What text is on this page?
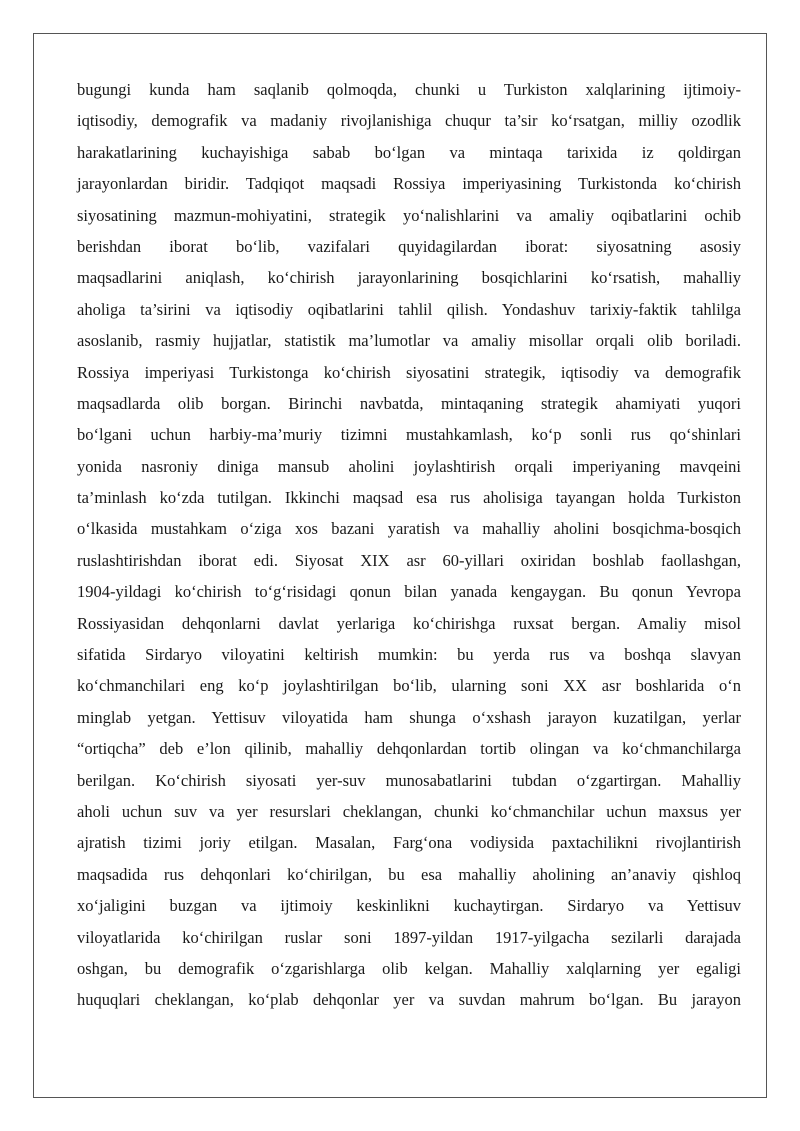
bugungi kunda ham saqlanib qolmoqda, chunki u Turkiston xalqlarining ijtimoiy-
iqtisodiy, demografik va madaniy rivojlanishiga chuqur ta’sir ko‘rsatgan, milliy ozodlik
harakatlarining kuchayishiga sabab bo‘lgan va mintaqa tarixida iz qoldirgan
jarayonlardan biridir. Tadqiqot maqsadi Rossiya imperiyasining Turkistonda ko‘chirish
siyosatining mazmun-mohiyatini, strategik yo‘nalishlarini va amaliy oqibatlarini ochib
berishdan iborat bo‘lib, vazifalari quyidagilardan iborat: siyosatning asosiy
maqsadlarini aniqlash, ko‘chirish jarayonlarining bosqichlarini ko‘rsatish, mahalliy
aholiga ta’sirini va iqtisodiy oqibatlarini tahlil qilish. Yondashuv tarixiy-faktik tahlilga
asoslanib, rasmiy hujjatlar, statistik ma’lumotlar va amaliy misollar orqali olib boriladi.
Rossiya imperiyasi Turkistonga ko‘chirish siyosatini strategik, iqtisodiy va demografik
maqsadlarda olib borgan. Birinchi navbatda, mintaqaning strategik ahamiyati yuqori
bo‘lgani uchun harbiy-ma’muriy tizimni mustahkamlash, ko‘p sonli rus qo‘shinlari
yonida nasroniy diniga mansub aholini joylashtirish orqali imperiyaning mavqeini
ta’minlash ko‘zda tutilgan. Ikkinchi maqsad esa rus aholisiga tayangan holda Turkiston
o‘lkasida mustahkam o‘ziga xos bazani yaratish va mahalliy aholini bosqichma-bosqich
ruslashtirishdan iborat edi. Siyosat XIX asr 60-yillari oxiridan boshlab faollashgan,
1904-yildagi ko‘chirish to‘g‘risidagi qonun bilan yanada kengaygan. Bu qonun Yevropa
Rossiyasidan dehqonlarni davlat yerlariga ko‘chirishga ruxsat bergan. Amaliy misol
sifatida Sirdaryo viloyatini keltirish mumkin: bu yerda rus va boshqa slavyan
ko‘chmanchilari eng ko‘p joylashtirilgan bo‘lib, ularning soni XX asr boshlarida o‘n
minglab yetgan. Yettisuv viloyatida ham shunga o‘xshash jarayon kuzatilgan, yerlar
“ortiqcha” deb e’lon qilinib, mahalliy dehqonlardan tortib olingan va ko‘chmanchilarga
berilgan. Ko‘chirish siyosati yer-suv munosabatlarini tubdan o‘zgartirgan. Mahalliy
aholi uchun suv va yer resurslari cheklangan, chunki ko‘chmanchilar uchun maxsus yer
ajratish tizimi joriy etilgan. Masalan, Farg‘ona vodiysida paxtachilikni rivojlantirish
maqsadida rus dehqonlari ko‘chirilgan, bu esa mahalliy aholining an’anaviy qishloq
xo‘jaligini buzgan va ijtimoiy keskinlikni kuchaytirgan. Sirdaryo va Yettisuv
viloyatlarida ko‘chirilgan ruslar soni 1897-yildan 1917-yilgacha sezilarli darajada
oshgan, bu demografik o‘zgarishlarga olib kelgan. Mahalliy xalqlarning yer egaligi
huquqlari cheklangan, ko‘plab dehqonlar yer va suvdan mahrum bo‘lgan. Bu jarayon
